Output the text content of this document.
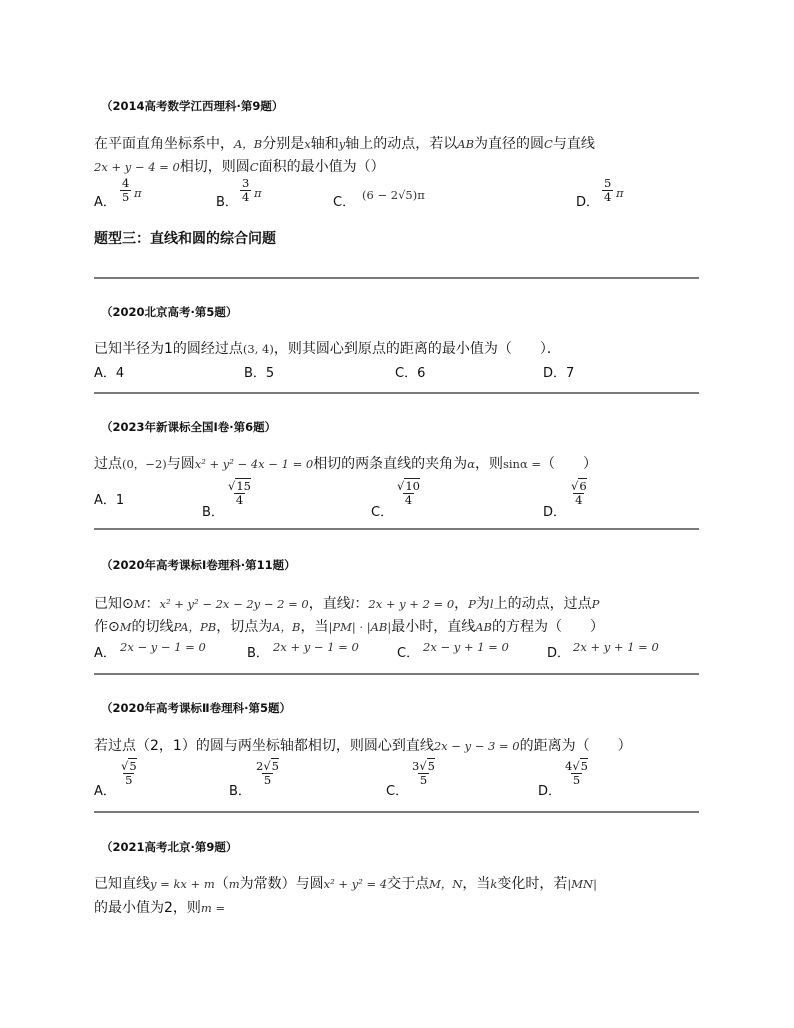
（2014高考数学江西理科·第9题）
在平面直角坐标系中，A，B分别是x轴和y轴上的动点，若以AB为直径的圆C与直线
2x + y − 4 = 0相切，则圆C面积的最小值为（）
A． $\frac{4}{5}$ π
B． $\frac{3}{4}$ π
C． (6 − 2√5)π	D． $\frac{5}{4}$ π
题型三：直线和圆的综合问题
（2020北京高考·第5题）
已知半径为1的圆经过点(3, 4)，则其圆心到原点的距离的最小值为（　　）．
A．4	B．5	C．6	D．7
（2023年新课标全国Ⅰ卷·第6题）
过点(0，−2)与圆x² + y² − 4x − 1 = 0相切的两条直线的夹角为α，则sinα =（　　）
A．1
B．
$\frac{√15}{4}$
C．
$\frac{√10}{4}$
D．
$\frac{√6}{4}$
（2020年高考课标Ⅰ卷理科·第11题）
已知⊙M：x² + y² − 2x − 2y − 2 = 0，直线l：2x + y + 2 = 0，P为l上的动点，过点P
作⊙M的切线PA，PB，切点为A，B，当|PM| · |AB|最小时，直线AB的方程为（　　）
A． 2x − y − 1 = 0	B． 2x + y − 1 = 0	C． 2x − y + 1 = 0	D． 2x + y + 1 = 0
（2020年高考课标Ⅱ卷理科·第5题）
若过点（2，1）的圆与两坐标轴都相切，则圆心到直线2x − y − 3 = 0的距离为（　　）
A．
$\frac{√5}{5}$
B．
$\frac{2√5}{5}$
C．
$\frac{3√5}{5}$
D．
$\frac{4√5}{5}$
（2021高考北京·第9题）
已知直线y = kx + m（m为常数）与圆x² + y² = 4交于点M，N，当k变化时，若|MN|
的最小值为2，则m =
